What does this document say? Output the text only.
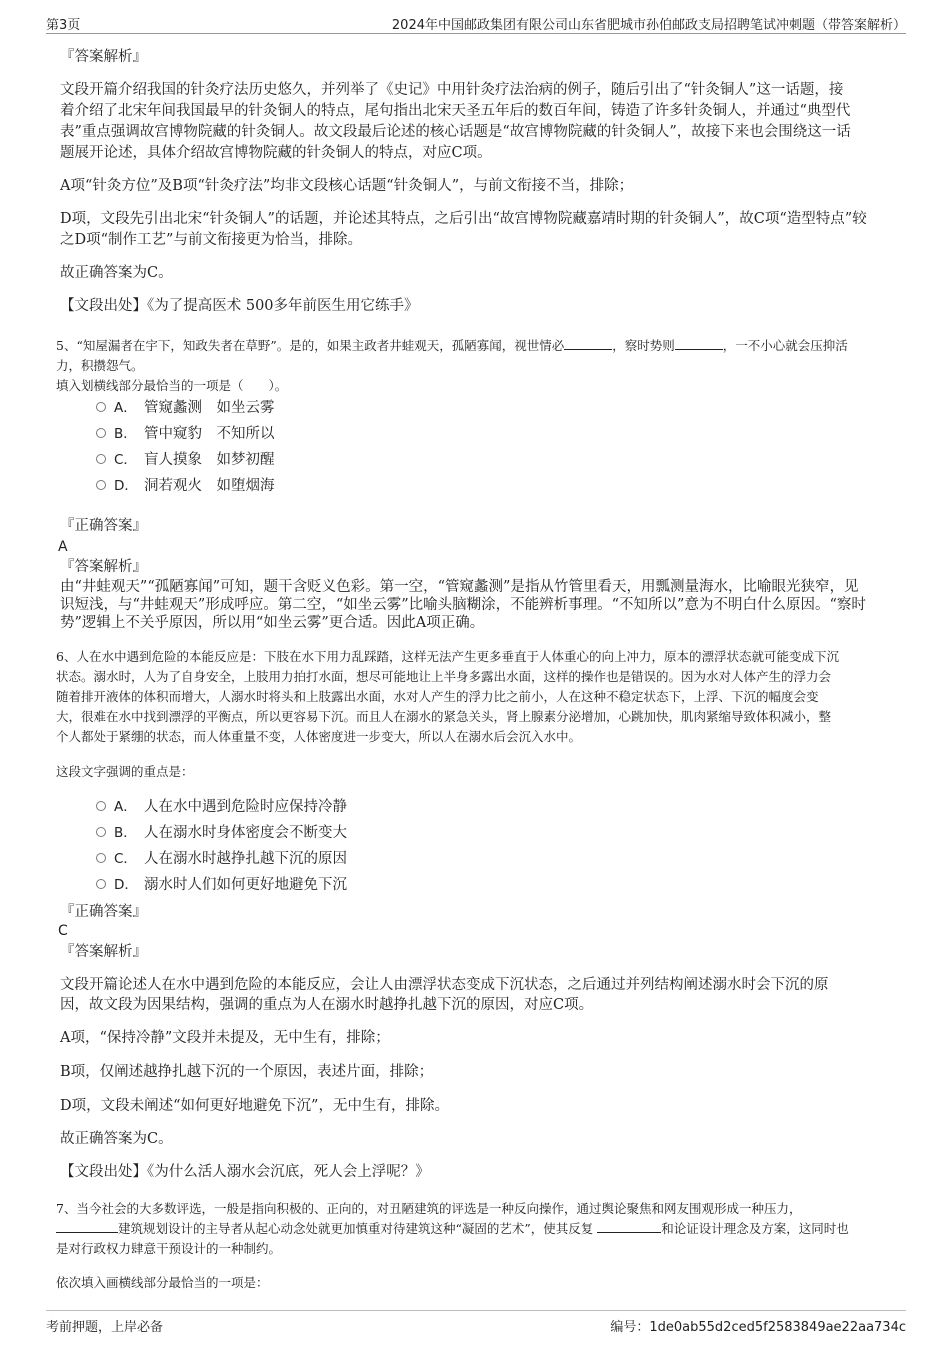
第3页	2024年中国邮政集团有限公司山东省肥城市孙伯邮政支局招聘笔试冲刺题（带答案解析）
『答案解析』
文段开篇介绍我国的针灸疗法历史悠久，并列举了《史记》中用针灸疗法治病的例子，随后引出了“针灸铜人”这一话题，接
着介绍了北宋年间我国最早的针灸铜人的特点，尾句指出北宋天圣五年后的数百年间，铸造了许多针灸铜人，并通过“典型代
表”重点强调故宫博物院藏的针灸铜人。故文段最后论述的核心话题是“故宫博物院藏的针灸铜人”，故接下来也会围绕这一话
题展开论述，具体介绍故宫博物院藏的针灸铜人的特点，对应C项。
A项“针灸方位”及B项“针灸疗法”均非文段核心话题“针灸铜人”，与前文衔接不当，排除；
D项，文段先引出北宋“针灸铜人”的话题，并论述其特点，之后引出“故宫博物院藏嘉靖时期的针灸铜人”，故C项“造型特点”较
之D项“制作工艺”与前文衔接更为恰当，排除。
故正确答案为C。
【文段出处】《为了提高医术 500多年前医生用它练手》
5、“知屋漏者在宇下，知政失者在草野”。是的，如果主政者井蛙观天，孤陋寡闻，视世情必	，察时势则	，一不小心就会压抑活
力，积攒怨气。
填入划横线部分最恰当的一项是（　　）。
A． 管窥蠡测　如坐云雾
B． 管中窥豹　不知所以
C． 盲人摸象　如梦初醒
D． 洞若观火　如堕烟海
『正确答案』
A
『答案解析』
由“井蛙观天”“孤陋寡闻”可知，题干含贬义色彩。第一空，“管窥蠡测”是指从竹管里看天，用瓢测量海水，比喻眼光狭窄，见
识短浅，与“井蛙观天”形成呼应。第二空，“如坐云雾”比喻头脑糊涂，不能辨析事理。“不知所以”意为不明白什么原因。“察时
势”逻辑上不关乎原因，所以用“如坐云雾”更合适。因此A项正确。
6、人在水中遇到危险的本能反应是：下肢在水下用力乱踩踏，这样无法产生更多垂直于人体重心的向上冲力，原本的漂浮状态就可能变成下沉
状态。溺水时，人为了自身安全，上肢用力拍打水面，想尽可能地让上半身多露出水面，这样的操作也是错误的。因为水对人体产生的浮力会
随着排开液体的体积而增大，人溺水时将头和上肢露出水面，水对人产生的浮力比之前小，人在这种不稳定状态下，上浮、下沉的幅度会变
大，很难在水中找到漂浮的平衡点，所以更容易下沉。而且人在溺水的紧急关头，肾上腺素分泌增加，心跳加快，肌肉紧缩导致体积减小，整
个人都处于紧绷的状态，而人体重量不变，人体密度进一步变大，所以人在溺水后会沉入水中。
这段文字强调的重点是：
A． 人在水中遇到危险时应保持冷静
B． 人在溺水时身体密度会不断变大
C． 人在溺水时越挣扎越下沉的原因
D． 溺水时人们如何更好地避免下沉
『正确答案』
C
『答案解析』
文段开篇论述人在水中遇到危险的本能反应，会让人由漂浮状态变成下沉状态，之后通过并列结构阐述溺水时会下沉的原
因，故文段为因果结构，强调的重点为人在溺水时越挣扎越下沉的原因，对应C项。
A项，“保持冷静”文段并未提及，无中生有，排除；
B项，仅阐述越挣扎越下沉的一个原因，表述片面，排除；
D项，文段未阐述“如何更好地避免下沉”，无中生有，排除。
故正确答案为C。
【文段出处】《为什么活人溺水会沉底，死人会上浮呢？》
7、当今社会的大多数评选，一般是指向积极的、正向的，对丑陋建筑的评选是一种反向操作，通过舆论聚焦和网友围观形成一种压力，
建筑规划设计的主导者从起心动念处就更加慎重对待建筑这种“凝固的艺术”，使其反复	和论证设计理念及方案，这同时也
是对行政权力肆意干预设计的一种制约。
依次填入画横线部分最恰当的一项是：
考前押题，上岸必备	编号：1de0ab55d2ced5f2583849ae22aa734c
